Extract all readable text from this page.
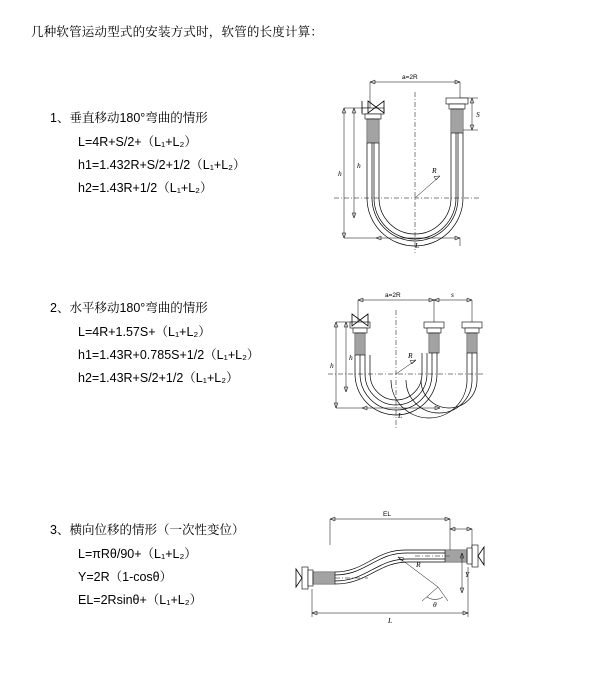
几种软管运动型式的安装方式时，软管的长度计算：
1、垂直移动180°弯曲的情形
L=4R+S/2+（L₁+L₂）
h1=1.432R+S/2+1/2（L₁+L₂）
h2=1.43R+1/2（L₁+L₂）
a=2R
S
h
h
R
L
2、水平移动180°弯曲的情形
L=4R+1.57S+（L₁+L₂）
h1=1.43R+0.785S+1/2（L₁+L₂）
h2=1.43R+S/2+1/2（L₁+L₂）
a=2R	s
h
h	R
L
3、横向位移的情形（一次性变位）
L=πRθ/90+（L₁+L₂）
Y=2R（1-cosθ）
EL=2Rsinθ+（L₁+L₂）
EL
Y
R
θ
L
